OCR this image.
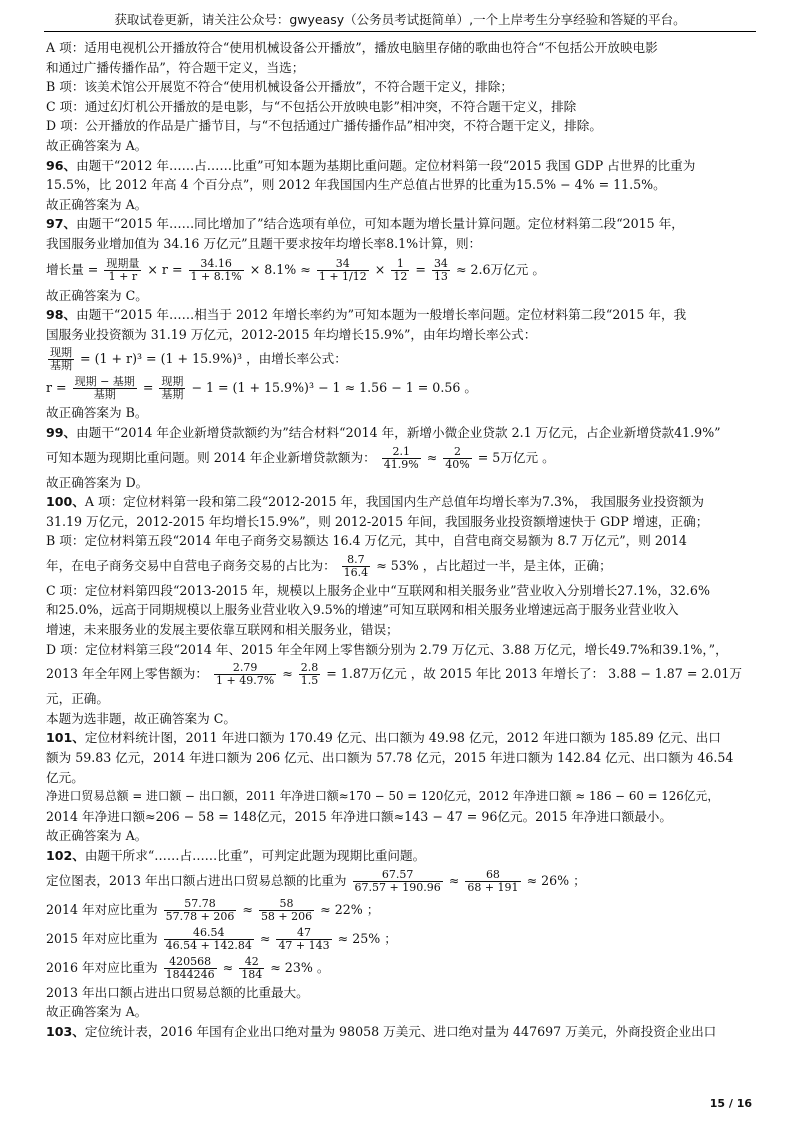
获取试卷更新，请关注公众号：gwyeasy（公务员考试挺简单）,一个上岸考生分享经验和答疑的平台。

A 项：适用电视机公开播放符合“使用机械设备公开播放”，播放电脑里存储的歌曲也符合“不包括公开放映电影

和通过广播传播作品”，符合题干定义，当选；

B 项：该美术馆公开展览不符合“使用机械设备公开播放”，不符合题干定义，排除；

C 项：通过幻灯机公开播放的是电影，与“不包括公开放映电影”相冲突，不符合题干定义，排除

D 项：公开播放的作品是广播节目，与“不包括通过广播传播作品”相冲突，不符合题干定义，排除。

故正确答案为 A。

96、由题干“2012 年……占……比重”可知本题为基期比重问题。定位材料第一段“2015 我国 GDP 占世界的比重为

15.5%，比 2012 年高 4 个百分点”，则 2012 年我国国内生产总值占世界的比重为15.5% − 4% = 11.5%。

故正确答案为 A。

97、由题干“2015 年……同比增加了”结合选项有单位，可知本题为增长量计算问题。定位材料第二段“2015 年，

我国服务业增加值为 34.16 万亿元”且题干要求按年均增长率8.1%计算，则：

增长量 = $\frac{\text{现期量}}{1 + r} \times r = \frac{34.16}{1 + 8.1\%} \times 8.1\% \approx \frac{34}{1 + 1/12} \times \frac{1}{12} = \frac{34}{13} \approx 2.6$万亿元 。

故正确答案为 C。

98、由题干“2015 年……相当于 2012 年增长率约为”可知本题为一般增长率问题。定位材料第二段“2015 年，我

国服务业投资额为 31.19 万亿元，2012-2015 年均增长15.9%”，由年均增长率公式：

$\frac{\text{现期}}{\text{基期}} = (1 + r)^3 = (1 + 15.9\%)^3$ ，由增长率公式：

$r = \frac{\text{现期 − 基期}}{\text{基期}} = \frac{\text{现期}}{\text{基期}} - 1 = (1 + 15.9\%)^3 - 1 \approx 1.56 - 1 = 0.56$ 。

故正确答案为 B。

99、由题干“2014 年企业新增贷款额约为”结合材料“2014 年，新增小微企业贷款 2.1 万亿元，占企业新增贷款41.9%”

可知本题为现期比重问题。则 2014 年企业新增贷款额为： $\frac{2.1}{41.9\%} \approx \frac{2}{40\%} = 5$万亿元 。

故正确答案为 D。

100、A 项：定位材料第一段和第二段“2012-2015 年，我国国内生产总值年均增长率为7.3%， 我国服务业投资额为

31.19 万亿元，2012-2015 年均增长15.9%”，则 2012-2015 年间，我国服务业投资额增速快于 GDP 增速，正确；

B 项：定位材料第五段“2014 年电子商务交易额达 16.4 万亿元，其中，自营电商交易额为 8.7 万亿元”，则 2014

年，在电子商务交易中自营电子商务交易的占比为： $\frac{8.7}{16.4} \approx 53\%$ ，占比超过一半，是主体，正确；

C 项：定位材料第四段“2013-2015 年，规模以上服务企业中“互联网和相关服务业”营业收入分别增长27.1%，32.6%

和25.0%，远高于同期规模以上服务业营业收入9.5%的增速”可知互联网和相关服务业增速远高于服务业营业收入

增速，未来服务业的发展主要依靠互联网和相关服务业，错误；

D 项：定位材料第三段“2014 年、2015 年全年网上零售额分别为 2.79 万亿元、3.88 万亿元，增长49.7%和39.1%，”，

2013 年全年网上零售额为： $\frac{2.79}{1 + 49.7\%} \approx \frac{2.8}{1.5} = 1.87$万亿元 ，故 2015 年比 2013 年增长了： 3.88 − 1.87 = 2.01万

元，正确。

本题为选非题，故正确答案为 C。

101、定位材料统计图，2011 年进口额为 170.49 亿元、出口额为 49.98 亿元，2012 年进口额为 185.89 亿元、出口

额为 59.83 亿元，2014 年进口额为 206 亿元、出口额为 57.78 亿元，2015 年进口额为 142.84 亿元、出口额为 46.54

亿元。

净进口贸易总额 = 进口额 − 出口额，2011 年净进口额≈170 − 50 = 120亿元，2012 年净进口额 ≈ 186 − 60 = 126亿元，

2014 年净进口额≈206 − 58 = 148亿元，2015 年净进口额≈143 − 47 = 96亿元。2015 年净进口额最小。

故正确答案为 A。

102、由题干所求“……占……比重”，可判定此题为现期比重问题。

定位图表，2013 年出口额占进出口贸易总额的比重为 $\frac{67.57}{67.57 + 190.96} \approx \frac{68}{68 + 191} \approx 26\%$ ；

2014 年对应比重为 $\frac{57.78}{57.78 + 206} \approx \frac{58}{58 + 206} \approx 22\%$ ；

2015 年对应比重为 $\frac{46.54}{46.54 + 142.84} \approx \frac{47}{47 + 143} \approx 25\%$ ；

2016 年对应比重为 $\frac{420568}{1844246} \approx \frac{42}{184} \approx 23\%$ 。

2013 年出口额占进出口贸易总额的比重最大。

故正确答案为 A。

103、定位统计表，2016 年国有企业出口绝对量为 98058 万美元、进口绝对量为 447697 万美元，外商投资企业出口

15 / 16
